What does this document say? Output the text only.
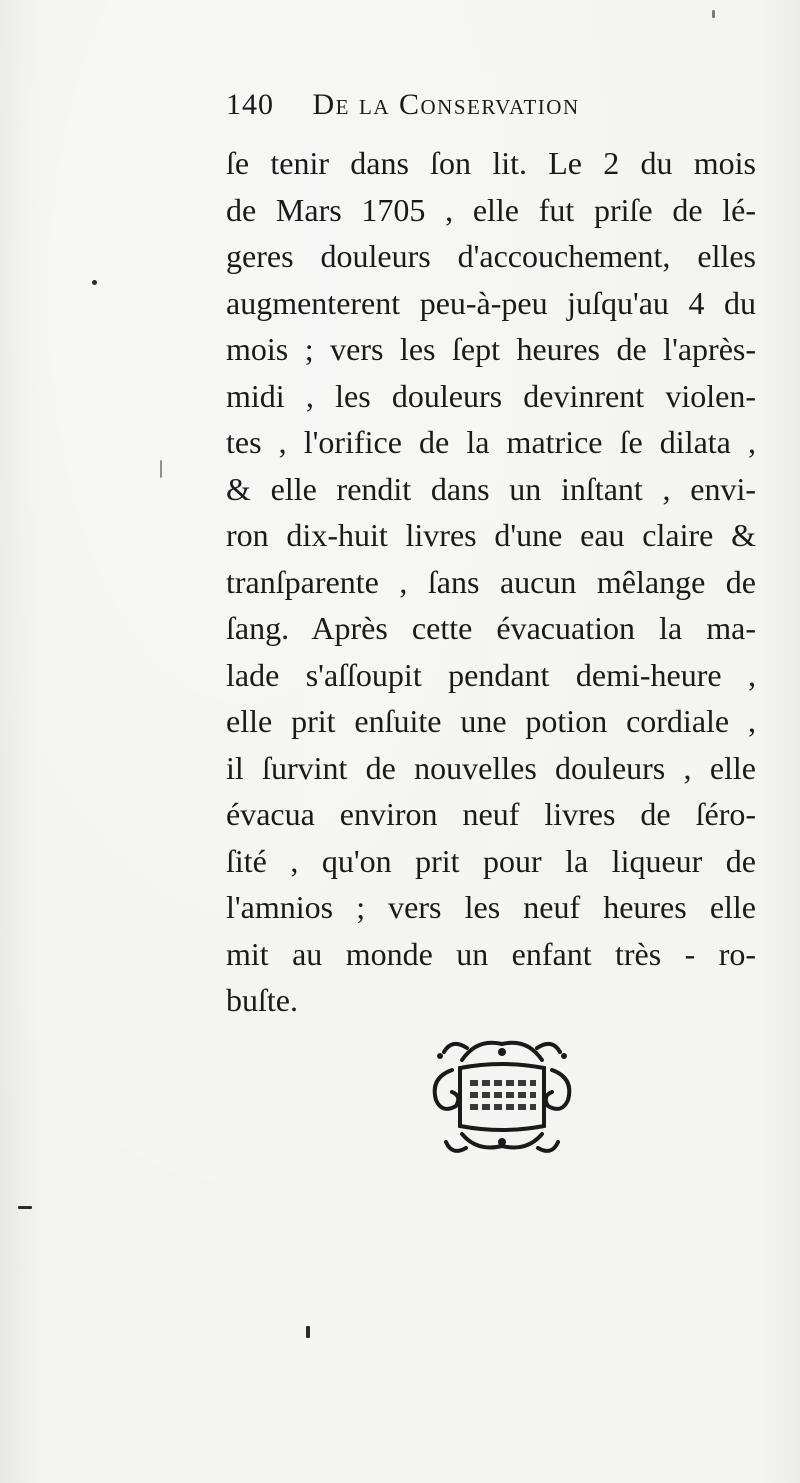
140 De la Conservation
ſe tenir dans ſon lit. Le 2 du mois
de Mars 1705 , elle fut priſe de lé-
geres douleurs d'accouchement, elles
augmenterent peu-à-peu juſqu'au 4 du
mois ; vers les ſept heures de l'après-
midi , les douleurs devinrent violen-
tes , l'orifice de la matrice ſe dilata ,
& elle rendit dans un inſtant , envi-
ron dix-huit livres d'une eau claire &
tranſparente , ſans aucun mêlange de
ſang. Après cette évacuation la ma-
lade s'aſſoupit pendant demi-heure ,
elle prit enſuite une potion cordiale ,
il ſurvint de nouvelles douleurs , elle
évacua environ neuf livres de ſéro-
ſité , qu'on prit pour la liqueur de
l'amnios ; vers les neuf heures elle
mit au monde un enfant très - ro-
buſte.
